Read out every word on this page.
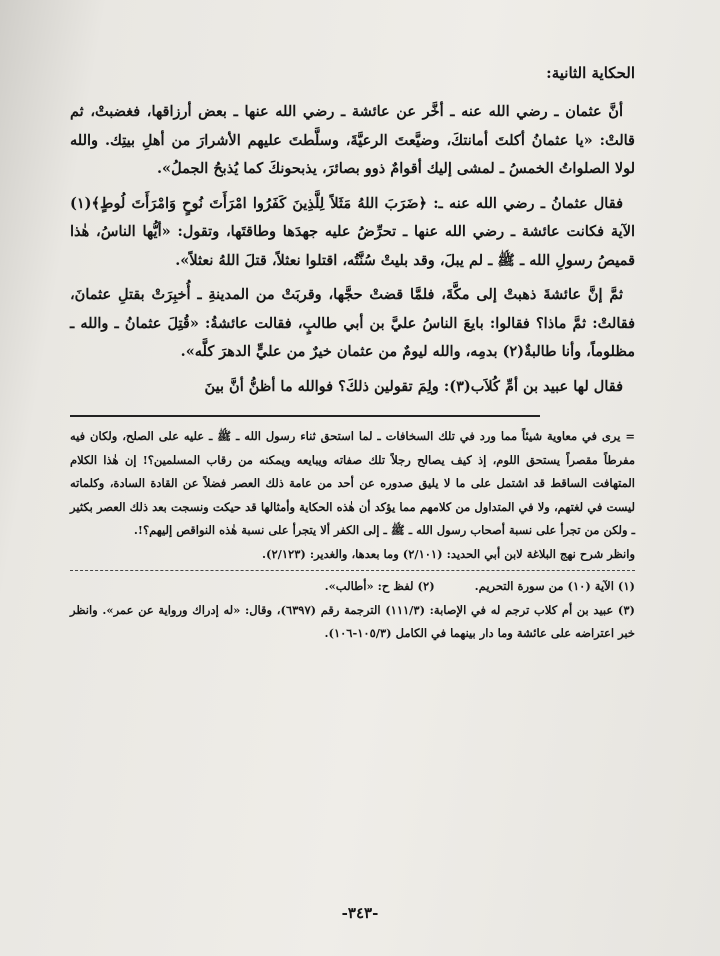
الحكاية الثانية:

أنَّ عثمان ـ رضي الله عنه ـ أخَّر عن عائشة ـ رضي الله عنها ـ بعض أرزاقها، فغضبتْ، ثم قالتْ: «يا عثمانُ أكلتَ أمانتكَ، وضيَّعتَ الرعيَّةَ، وسلَّطتَ عليهم الأشرارَ من أهلِ بيتِك. والله لولا الصلواتُ الخمسُ ـ لمشى إليك أقوامٌ ذوو بصائرَ، يذبحونكَ كما يُذبحُ الجملُ».

فقال عثمانُ ـ رضي الله عنه ـ: ﴿ضَرَبَ اللهُ مَثَلاً لِلَّذِينَ كَفَرُوا امْرَأَتَ نُوحٍ وَامْرَأَتَ لُوطٍ﴾(١) الآية فكانت عائشة ـ رضي الله عنها ـ تحرِّضُ عليه جهدَها وطاقتَها، وتقول: «أيُّها الناسُ، هٰذا قميصُ رسولِ الله ـ ﷺ ـ لم يبلَ، وقد بليتْ سُنَّتُه، اقتلوا نعثلاً، قتلَ اللهُ نعثلاً».

ثمَّ إنَّ عائشةَ ذهبتْ إلى مكَّةَ، فلمَّا قضتْ حجَّها، وقربَتْ من المدينةِ ـ أُخبِرَتْ بقتلِ عثمانَ، فقالتْ: ثمَّ ماذا؟ فقالوا: بايعَ الناسُ عليَّ بن أبي طالبٍ، فقالت عائشةُ: «قُتِلَ عثمانُ ـ والله ـ مظلوماً، وأنا طالبةٌ(٢) بدمِه، والله ليومٌ من عثمان خيرٌ من عليٍّ الدهرَ كلَّه».

فقال لها عبيد بن أمِّ كُلاَب(٣): ولِمَ تقولين ذلكَ؟ فوالله ما أظنُّ أنَّ بينَ

= يرى في معاوية شيئاً مما ورد في تلك السخافات ـ لما استحق ثناء رسول الله ـ ﷺ ـ عليه على الصلح، ولكان فيه مفرطاً مقصراً يستحق اللوم، إذ كيف يصالح رجلاً تلك صفاته ويبايعه ويمكنه من رقاب المسلمين؟! إن هٰذا الكلام المتهافت الساقط قد اشتمل على ما لا يليق صدوره عن أحد من عامة ذلك العصر فضلاً عن القادة السادة، وكلماته ليست في لغتهم، ولا في المتداول من كلامهم مما يؤكد أن هٰذه الحكاية وأمثالها قد حيكت ونسجت بعد ذلك العصر بكثير ـ ولكن من تجرأ على نسبة أصحاب رسول الله ـ ﷺ ـ إلى الكفر ألا يتجرأ على نسبة هٰذه النواقص إليهم؟!.

وانظر شرح نهج البلاغة لابن أبي الحديد: (٢/١٠١) وما بعدها، والغدير: (٢/١٢٣).

(١) الآية (١٠) من سورة التحريم.          (٢) لفظ ح: «أطالب».

(٣) عبيد بن أم كلاب ترجم له في الإصابة: (١١١/٣) الترجمة رقم (٦٣٩٧)، وقال: «له إدراك ورواية عن عمر». وانظر خبر اعتراضه على عائشة وما دار بينهما في الكامل (١٠٥/٣-١٠٦).

-٣٤٣-
